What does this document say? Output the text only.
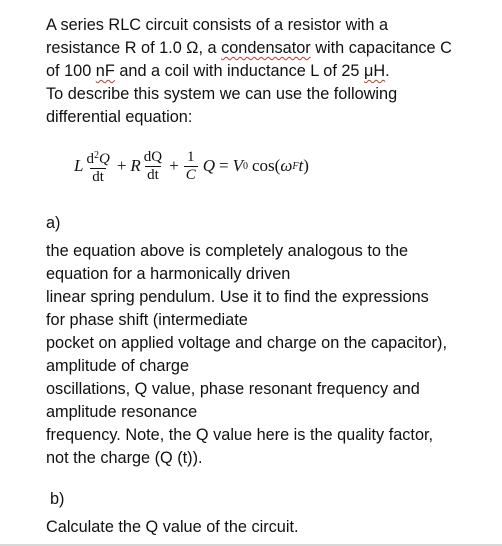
A series RLC circuit consists of a resistor with a
resistance R of 1.0 Ω, a condensator with capacitance C
of 100 nF and a coil with inductance L of 25 μH.
To describe this system we can use the following
differential equation:
L $\frac{d^2Q}{dt} + R \frac{dQ}{dt} + \frac{1}{C}$ Q = V 0 cos( ω F t )
a)
the equation above is completely analogous to the
equation for a harmonically driven
linear spring pendulum. Use it to find the expressions
for phase shift (intermediate
pocket on applied voltage and charge on the capacitor),
amplitude of charge
oscillations, Q value, phase resonant frequency and
amplitude resonance
frequency. Note, the Q value here is the quality factor,
not the charge (Q (t)).
b)
Calculate the Q value of the circuit.
